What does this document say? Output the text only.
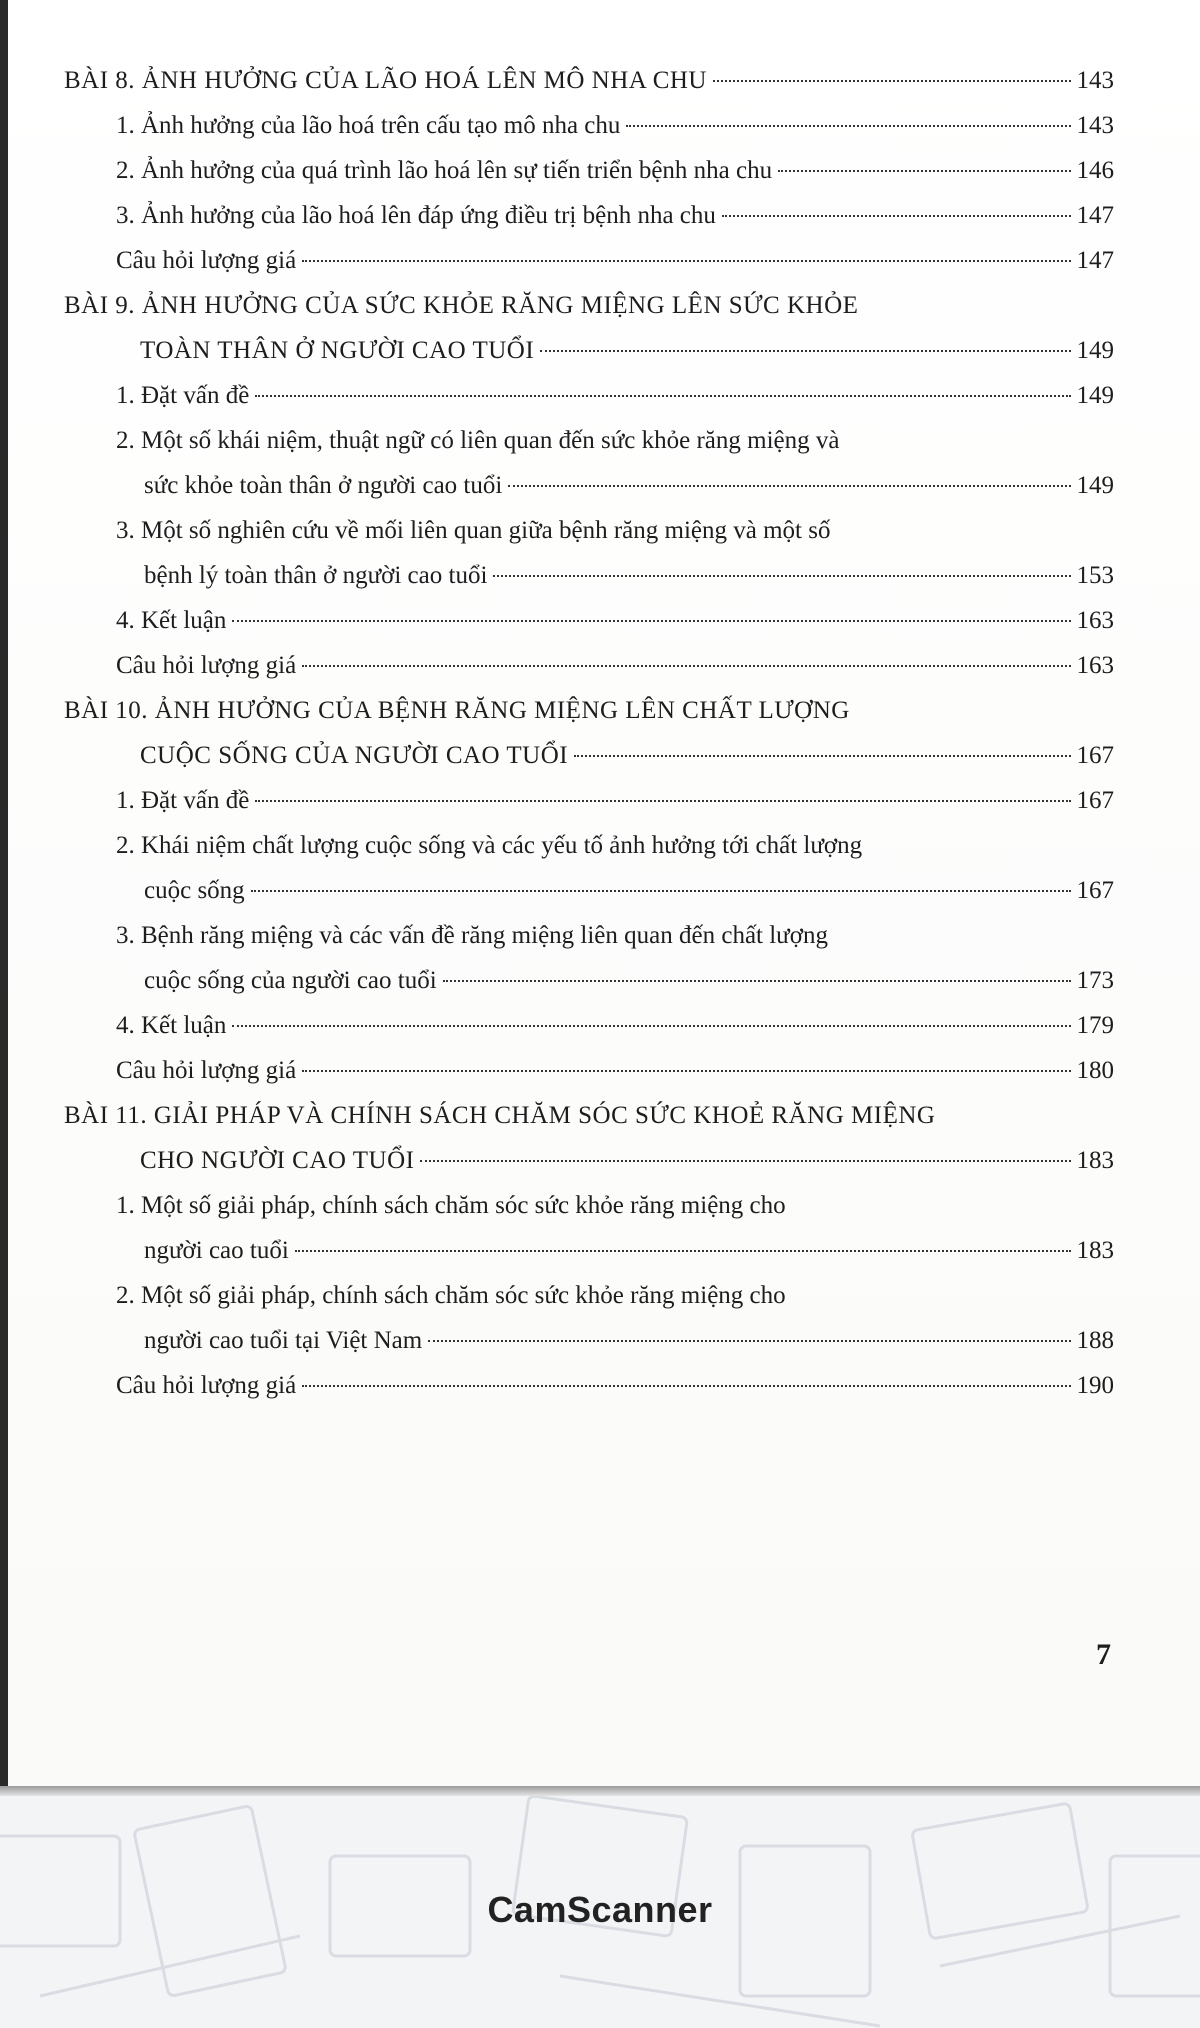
BÀI 8. ẢNH HƯỞNG CỦA LÃO HOÁ LÊN MÔ NHA CHU	143
1. Ảnh hưởng của lão hoá trên cấu tạo mô nha chu	143
2. Ảnh hưởng của quá trình lão hoá lên sự tiến triển bệnh nha chu	146
3. Ảnh hưởng của lão hoá lên đáp ứng điều trị bệnh nha chu	147
Câu hỏi lượng giá	147
BÀI 9. ẢNH HƯỞNG CỦA SỨC KHỎE RĂNG MIỆNG LÊN SỨC KHỎE
TOÀN THÂN Ở NGƯỜI CAO TUỔI	149
1. Đặt vấn đề	149
2. Một số khái niệm, thuật ngữ có liên quan đến sức khỏe răng miệng và
sức khỏe toàn thân ở người cao tuổi	149
3. Một số nghiên cứu về mối liên quan giữa bệnh răng miệng và một số
bệnh lý toàn thân ở người cao tuổi	153
4. Kết luận	163
Câu hỏi lượng giá	163
BÀI 10. ẢNH HƯỞNG CỦA BỆNH RĂNG MIỆNG LÊN CHẤT LƯỢNG
CUỘC SỐNG CỦA NGƯỜI CAO TUỔI	167
1. Đặt vấn đề	167
2. Khái niệm chất lượng cuộc sống và các yếu tố ảnh hưởng tới chất lượng
cuộc sống	167
3. Bệnh răng miệng và các vấn đề răng miệng liên quan đến chất lượng
cuộc sống của người cao tuổi	173
4. Kết luận	179
Câu hỏi lượng giá	180
BÀI 11. GIẢI PHÁP VÀ CHÍNH SÁCH CHĂM SÓC SỨC KHOẺ RĂNG MIỆNG
CHO NGƯỜI CAO TUỔI	183
1. Một số giải pháp, chính sách chăm sóc sức khỏe răng miệng cho
người cao tuổi	183
2. Một số giải pháp, chính sách chăm sóc sức khỏe răng miệng cho
người cao tuổi tại Việt Nam	188
Câu hỏi lượng giá	190
7
CamScanner
